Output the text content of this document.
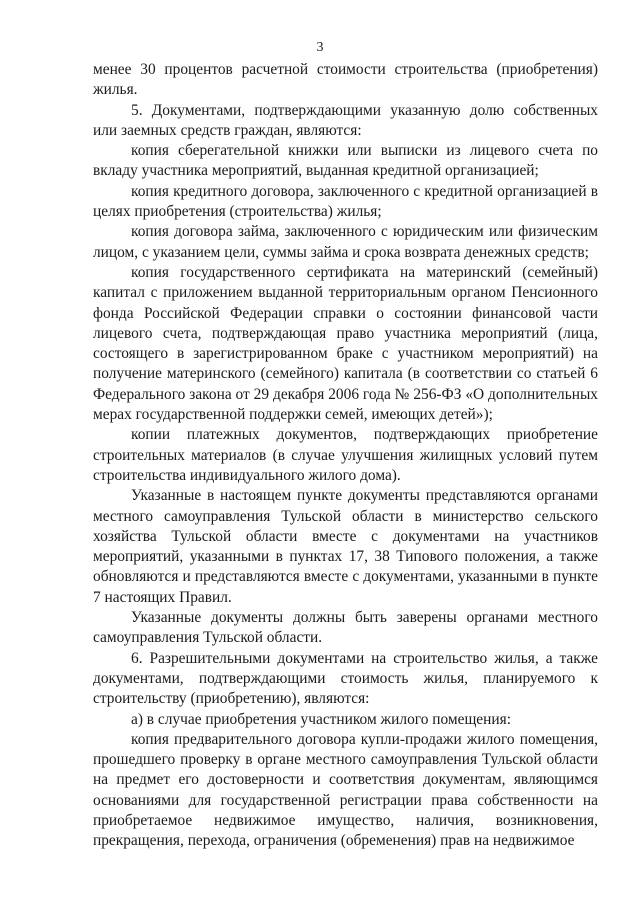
3

менее 30 процентов расчетной стоимости строительства (приобретения) жилья.

5. Документами, подтверждающими указанную долю собственных или заемных средств граждан, являются:

копия сберегательной книжки или выписки из лицевого счета по вкладу участника мероприятий, выданная кредитной организацией;

копия кредитного договора, заключенного с кредитной организацией в целях приобретения (строительства) жилья;

копия договора займа, заключенного с юридическим или физическим лицом, с указанием цели, суммы займа и срока возврата денежных средств;

копия государственного сертификата на материнский (семейный) капитал с приложением выданной территориальным органом Пенсионного фонда Российской Федерации справки о состоянии финансовой части лицевого счета, подтверждающая право участника мероприятий (лица, состоящего в зарегистрированном браке с участником мероприятий) на получение материнского (семейного) капитала (в соответствии со статьей 6 Федерального закона от 29 декабря 2006 года № 256-ФЗ «О дополнительных мерах государственной поддержки семей, имеющих детей»);

копии платежных документов, подтверждающих приобретение строительных материалов (в случае улучшения жилищных условий путем строительства индивидуального жилого дома).

Указанные в настоящем пункте документы представляются органами местного самоуправления Тульской области в министерство сельского хозяйства Тульской области вместе с документами на участников мероприятий, указанными в пунктах 17, 38 Типового положения, а также обновляются и представляются вместе с документами, указанными в пункте 7 настоящих Правил.

Указанные документы должны быть заверены органами местного самоуправления Тульской области.

6. Разрешительными документами на строительство жилья, а также документами, подтверждающими стоимость жилья, планируемого к строительству (приобретению), являются:

а) в случае приобретения участником жилого помещения:

копия предварительного договора купли-продажи жилого помещения, прошедшего проверку в органе местного самоуправления Тульской области на предмет его достоверности и соответствия документам, являющимся основаниями для государственной регистрации права собственности на приобретаемое недвижимое имущество, наличия, возникновения, прекращения, перехода, ограничения (обременения) прав на недвижимое
